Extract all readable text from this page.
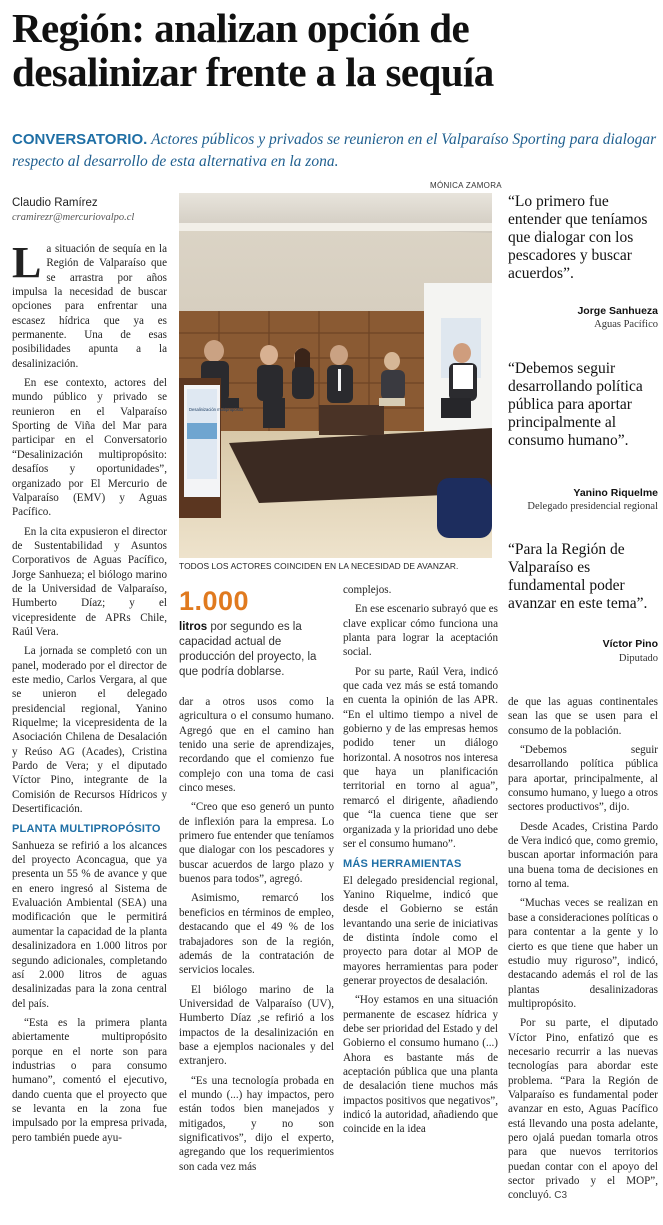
Región: analizan opción de desalinizar frente a la sequía
CONVERSATORIO. Actores públicos y privados se reunieron en el Valparaíso Sporting para dialogar respecto al desarrollo de esta alternativa en la zona.
Claudio Ramírez
cramirezr@mercuriovalpo.cl

La situación de sequía en la Región de Valparaíso que se arrastra por años impulsa la necesidad de buscar opciones para enfrentar una escasez hídrica que ya es permanente. Una de esas posibilidades apunta a la desalinización.

En ese contexto, actores del mundo público y privado se reunieron en el Valparaíso Sporting de Viña del Mar para participar en el Conversatorio “Desalinización multipropósito: desafíos y oportunidades”, organizado por El Mercurio de Valparaíso (EMV) y Aguas Pacífico.

En la cita expusieron el director de Sustentabilidad y Asuntos Corporativos de Aguas Pacífico, Jorge Sanhueza; el biólogo marino de la Universidad de Valparaíso, Humberto Díaz; y el vicepresidente de APRs Chile, Raúl Vera.

La jornada se completó con un panel, moderado por el director de este medio, Carlos Vergara, al que se unieron el delegado presidencial regional, Yanino Riquelme; la vicepresidenta de la Asociación Chilena de Desalación y Reúso AG (Acades), Cristina Pardo de Vera; y el diputado Víctor Pino, integrante de la Comisión de Recursos Hídricos y Desertificación.

PLANTA MULTIPROPÓSITO

Sanhueza se refirió a los alcances del proyecto Aconcagua, que ya presenta un 55 % de avance y que en enero ingresó al Sistema de Evaluación Ambiental (SEA) una modificación que le permitirá aumentar la capacidad de la planta desalinizadora en 1.000 litros por segundo adicionales, completando así 2.000 litros de aguas desalinizadas para la zona central del país.

“Esta es la primera planta abiertamente multipropósito porque en el norte son para industrias o para consumo humano”, comentó el ejecutivo, dando cuenta que el proyecto que se levanta en la zona fue impulsado por la empresa privada, pero también puede ayu-

MÓNICA ZAMORA
Desalinización multipropósito
TODOS LOS ACTORES COINCIDEN EN LA NECESIDAD DE AVANZAR.
1.000
litros por segundo es la capacidad actual de producción del proyecto, la que podría doblarse.

dar a otros usos como la agricultura o el consumo humano. Agregó que en el camino han tenido una serie de aprendizajes, recordando que el comienzo fue complejo con una toma de casi cinco meses.

“Creo que eso generó un punto de inflexión para la empresa. Lo primero fue entender que teníamos que dialogar con los pescadores y buscar acuerdos de largo plazo y buenos para todos”, agregó.

Asimismo, remarcó los beneficios en términos de empleo, destacando que el 49 % de los trabajadores son de la región, además de la contratación de servicios locales.

El biólogo marino de la Universidad de Valparaíso (UV), Humberto Díaz ,se refirió a los impactos de la desalinización en base a ejemplos nacionales y del extranjero.

“Es una tecnología probada en el mundo (...) hay impactos, pero están todos bien manejados y mitigados, y no son significativos”, dijo el experto, agregando que los requerimientos son cada vez más

complejos.

En ese escenario subrayó que es clave explicar cómo funciona una planta para lograr la aceptación social.

Por su parte, Raúl Vera, indicó que cada vez más se está tomando en cuenta la opinión de las APR. “En el ultimo tiempo a nivel de gobierno y de las empresas hemos podido tener un diálogo horizontal. A nosotros nos interesa que haya un planificación territorial en torno al agua”, remarcó el dirigente, añadiendo que “la cuenca tiene que ser organizada y la prioridad uno debe ser el consumo humano”.

MÁS HERRAMIENTAS

El delegado presidencial regional, Yanino Riquelme, indicó que desde el Gobierno se están levantando una serie de iniciativas de distinta índole como el proyecto para dotar al MOP de mayores herramientas para poder generar proyectos de desalación.

“Hoy estamos en una situación permanente de escasez hídrica y debe ser prioridad del Estado y del Gobierno el consumo humano (...) Ahora es bastante más de aceptación pública que una planta de desalación tiene muchos más impactos positivos que negativos”, indicó la autoridad, añadiendo que coincide en la idea

de que las aguas continentales sean las que se usen para el consumo de la población.

“Debemos seguir desarrollando política pública para aportar, principalmente, al consumo humano, y luego a otros sectores productivos”, dijo.

Desde Acades, Cristina Pardo de Vera indicó que, como gremio, buscan aportar información para una buena toma de decisiones en torno al tema.

“Muchas veces se realizan en base a consideraciones políticas o para contentar a la gente y lo cierto es que tiene que haber un estudio muy riguroso”, indicó, destacando además el rol de las plantas desalinizadoras multipropósito.

Por su parte, el diputado Víctor Pino, enfatizó que es necesario recurrir a las nuevas tecnologías para abordar este problema. “Para la Región de Valparaíso es fundamental poder avanzar en esto, Aguas Pacífico está llevando una posta adelante, pero ojalá puedan tomarla otros para que nuevos territorios puedan contar con el apoyo del sector privado y el MOP”, concluyó. C3

“Lo primero fue entender que teníamos que dialogar con los pescadores y buscar acuerdos”.
Jorge Sanhueza
Aguas Pacífico
“Debemos seguir desarrollando política pública para aportar principalmente al consumo humano”.
Yanino Riquelme
Delegado presidencial regional
“Para la Región de Valparaíso es fundamental poder avanzar en este tema”.
Víctor Pino
Diputado
